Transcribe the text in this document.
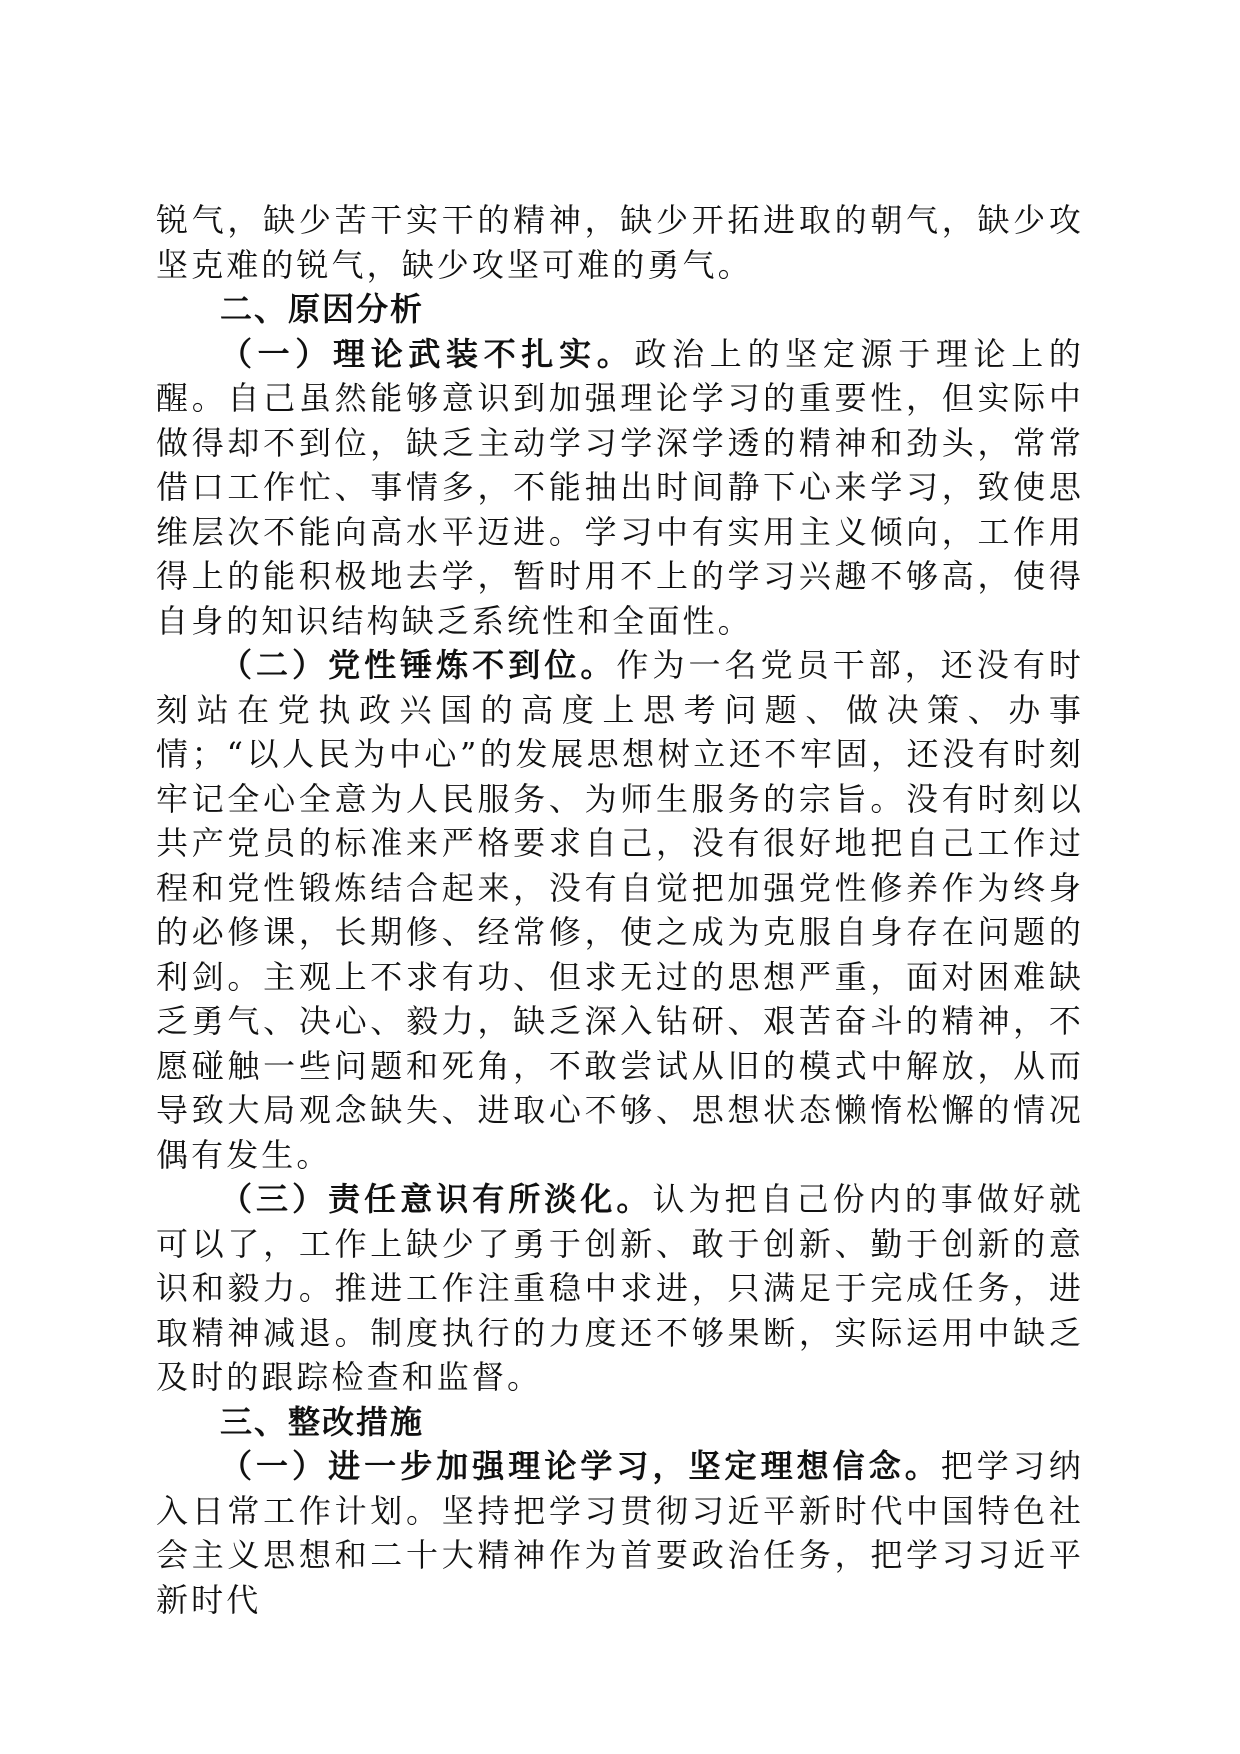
锐气，缺少苦干实干的精神，缺少开拓进取的朝气，缺少攻坚克难的锐气，缺少攻坚可难的勇气。

二、原因分析

（一）理论武装不扎实。政治上的坚定源于理论上的醒。自己虽然能够意识到加强理论学习的重要性，但实际中做得却不到位，缺乏主动学习学深学透的精神和劲头，常常借口工作忙、事情多，不能抽出时间静下心来学习，致使思维层次不能向高水平迈进。学习中有实用主义倾向，工作用得上的能积极地去学，暂时用不上的学习兴趣不够高，使得自身的知识结构缺乏系统性和全面性。

（二）党性锤炼不到位。作为一名党员干部，还没有时刻站在党执政兴国的高度上思考问题、做决策、办事情；“以人民为中心”的发展思想树立还不牢固，还没有时刻牢记全心全意为人民服务、为师生服务的宗旨。没有时刻以共产党员的标准来严格要求自己，没有很好地把自己工作过程和党性锻炼结合起来，没有自觉把加强党性修养作为终身的必修课，长期修、经常修，使之成为克服自身存在问题的利剑。主观上不求有功、但求无过的思想严重，面对困难缺乏勇气、决心、毅力，缺乏深入钻研、艰苦奋斗的精神，不愿碰触一些问题和死角，不敢尝试从旧的模式中解放，从而导致大局观念缺失、进取心不够、思想状态懒惰松懈的情况偶有发生。

（三）责任意识有所淡化。认为把自己份内的事做好就可以了，工作上缺少了勇于创新、敢于创新、勤于创新的意识和毅力。推进工作注重稳中求进，只满足于完成任务，进取精神减退。制度执行的力度还不够果断，实际运用中缺乏及时的跟踪检查和监督。

三、整改措施

（一）进一步加强理论学习，坚定理想信念。把学习纳入日常工作计划。坚持把学习贯彻习近平新时代中国特色社会主义思想和二十大精神作为首要政治任务，把学习习近平新时代
